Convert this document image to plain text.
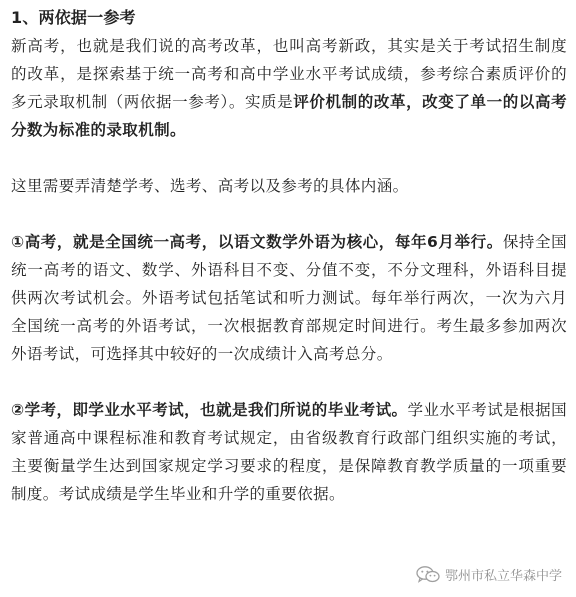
1、两依据一参考

新高考，也就是我们说的高考改革，也叫高考新政，其实是关于考试招生制度的改革，是探索基于统一高考和高中学业水平考试成绩，参考综合素质评价的多元录取机制（两依据一参考）。实质是评价机制的改革，改变了单一的以高考分数为标准的录取机制。

这里需要弄清楚学考、选考、高考以及参考的具体内涵。

①高考，就是全国统一高考，以语文数学外语为核心，每年6月举行。保持全国统一高考的语文、数学、外语科目不变、分值不变，不分文理科，外语科目提供两次考试机会。外语考试包括笔试和听力测试。每年举行两次，一次为六月全国统一高考的外语考试，一次根据教育部规定时间进行。考生最多参加两次外语考试，可选择其中较好的一次成绩计入高考总分。

②学考，即学业水平考试，也就是我们所说的毕业考试。学业水平考试是根据国家普通高中课程标准和教育考试规定，由省级教育行政部门组织实施的考试，主要衡量学生达到国家规定学习要求的程度，是保障教育教学质量的一项重要制度。考试成绩是学生毕业和升学的重要依据。

鄂州市私立华森中学
